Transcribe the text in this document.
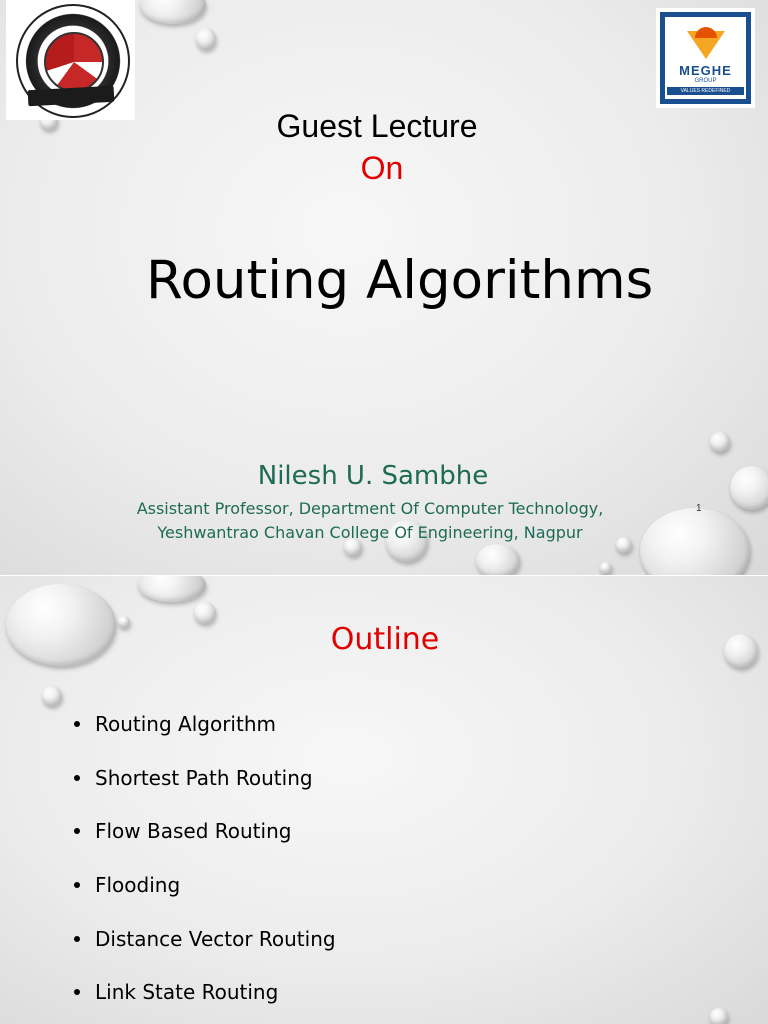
MEGHE
GROUP
VALUES REDEFINED
Guest Lecture
On
Routing Algorithms
Nilesh U. Sambhe
Assistant Professor, Department Of Computer Technology,
Yeshwantrao Chavan College Of Engineering, Nagpur
1
Outline
Routing Algorithm
Shortest Path Routing
Flow Based Routing
Flooding
Distance Vector Routing
Link State Routing
